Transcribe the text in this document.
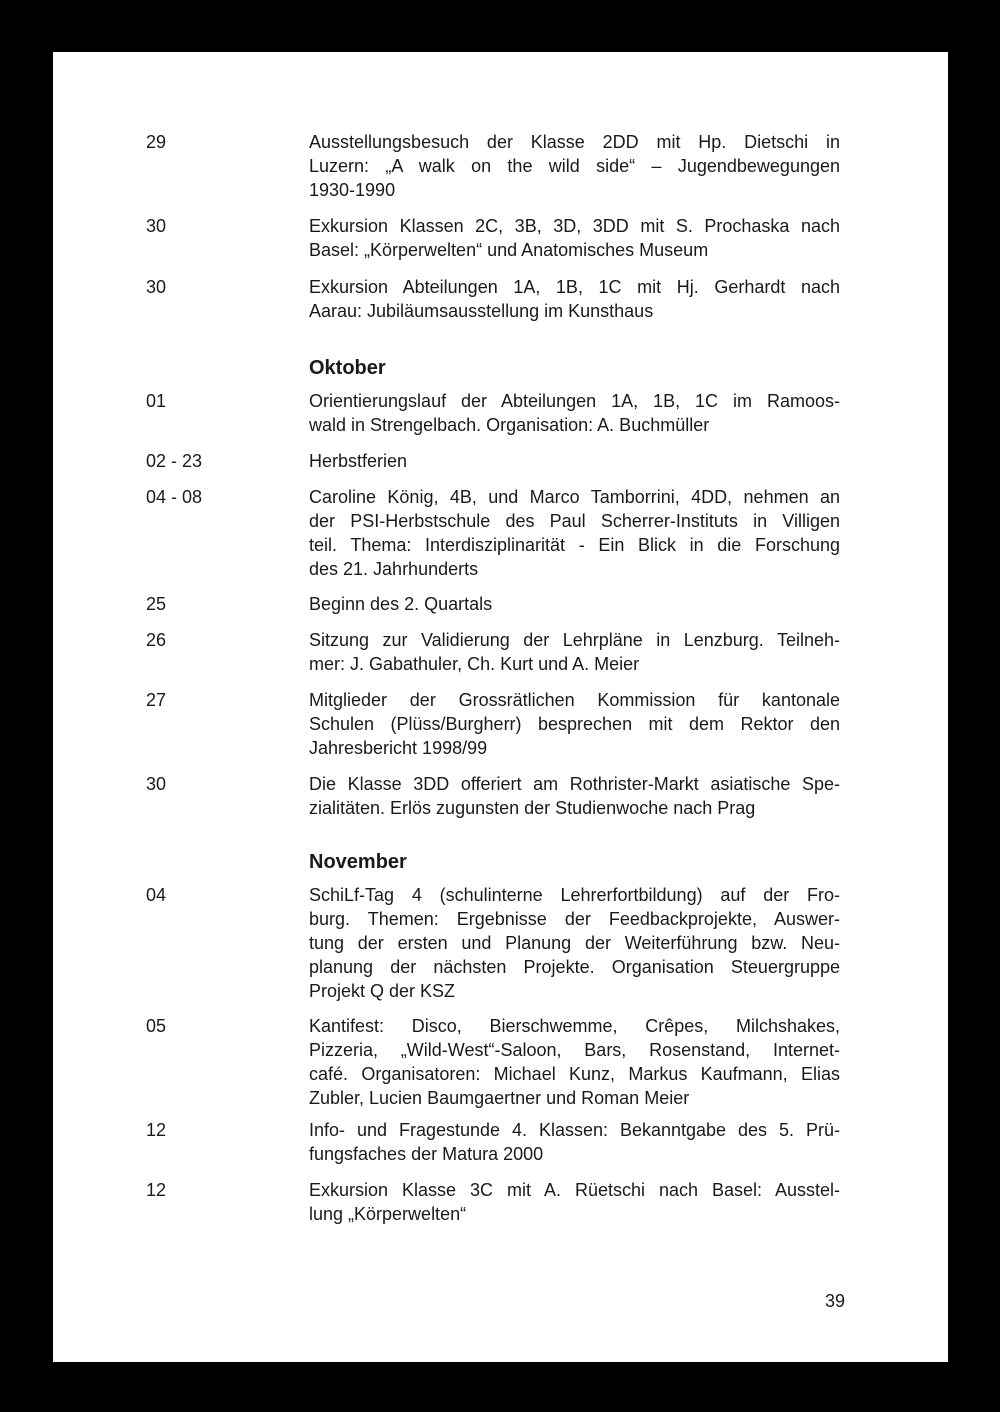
29	Ausstellungsbesuch der Klasse 2DD mit Hp. Dietschi in
Luzern: „A walk on the wild side“ – Jugendbewegungen
1930-1990
30	Exkursion Klassen 2C, 3B, 3D, 3DD mit S. Prochaska nach
Basel: „Körperwelten“ und Anatomisches Museum
30	Exkursion Abteilungen 1A, 1B, 1C mit Hj. Gerhardt nach
Aarau: Jubiläumsausstellung im Kunsthaus
01	Orientierungslauf der Abteilungen 1A, 1B, 1C im Ramoos-
wald in Strengelbach. Organisation: A. Buchmüller
02 - 23	Herbstferien
04 - 08	Caroline König, 4B, und Marco Tamborrini, 4DD, nehmen an
der PSI-Herbstschule des Paul Scherrer-Instituts in Villigen
teil. Thema: Interdisziplinarität - Ein Blick in die Forschung
des 21. Jahrhunderts
25	Beginn des 2. Quartals
26	Sitzung zur Validierung der Lehrpläne in Lenzburg. Teilneh-
mer: J. Gabathuler, Ch. Kurt und A. Meier
27	Mitglieder der Grossrätlichen Kommission für kantonale
Schulen (Plüss/Burgherr) besprechen mit dem Rektor den
Jahresbericht 1998/99
30	Die Klasse 3DD offeriert am Rothrister-Markt asiatische Spe-
zialitäten. Erlös zugunsten der Studienwoche nach Prag
04	SchiLf-Tag 4 (schulinterne Lehrerfortbildung) auf der Fro-
burg. Themen: Ergebnisse der Feedbackprojekte, Auswer-
tung der ersten und Planung der Weiterführung bzw. Neu-
planung der nächsten Projekte. Organisation Steuergruppe
Projekt Q der KSZ
05	Kantifest: Disco, Bierschwemme, Crêpes, Milchshakes,
Pizzeria, „Wild-West“-Saloon, Bars, Rosenstand, Internet-
café. Organisatoren: Michael Kunz, Markus Kaufmann, Elias
Zubler, Lucien Baumgaertner und Roman Meier
12	Info- und Fragestunde 4. Klassen: Bekanntgabe des 5. Prü-
fungsfaches der Matura 2000
12	Exkursion Klasse 3C mit A. Rüetschi nach Basel: Ausstel-
lung „Körperwelten“
Oktober
November
39
